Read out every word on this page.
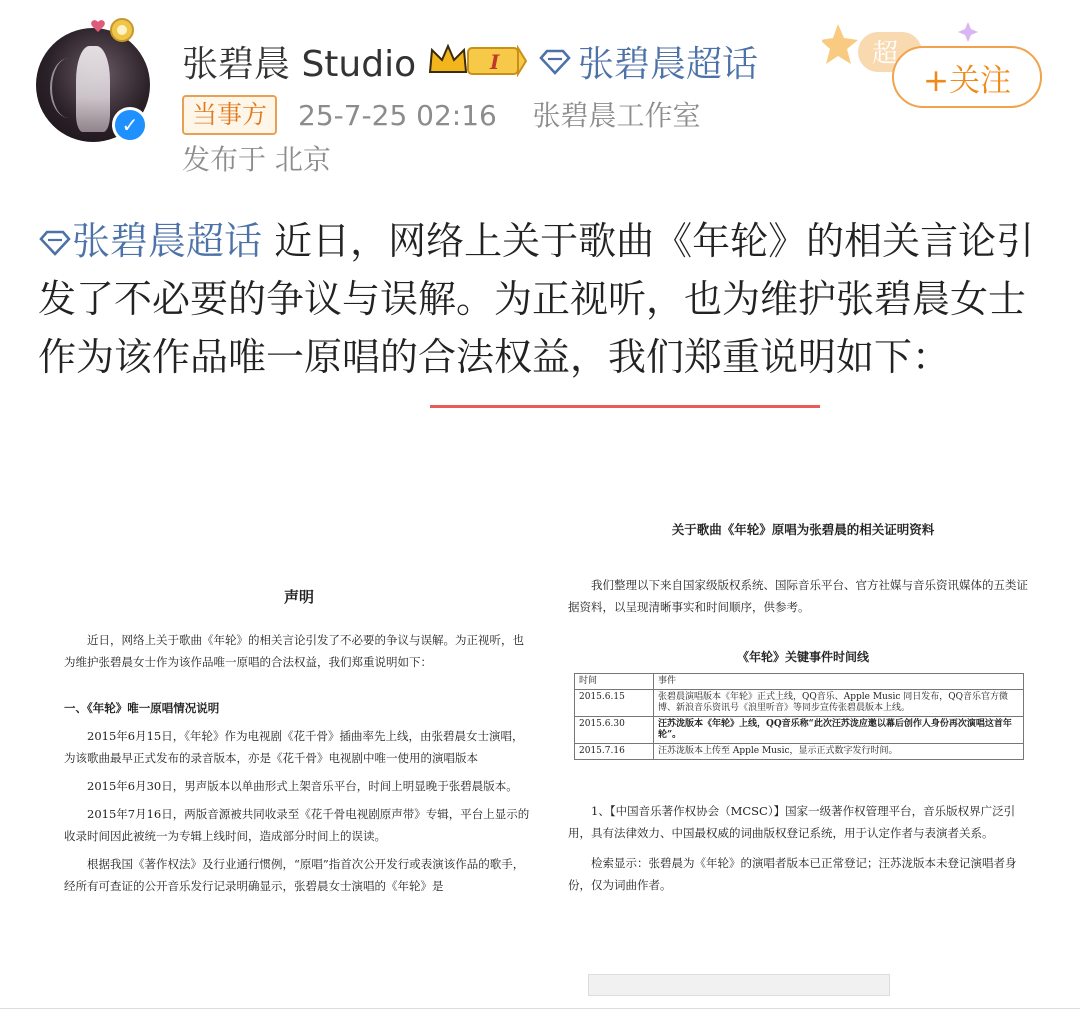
✓
张碧晨 Studio	I 张碧晨超话	超
+关注
当事方	25-7-25 02:16 张碧晨工作室
发布于 北京
张碧晨超话 近日，网络上关于歌曲《年轮》的相关言论引发了不必要的争议与误解。为正视听，也为维护张碧晨女士作为该作品唯一原唱的合法权益，我们郑重说明如下：
声明

近日，网络上关于歌曲《年轮》的相关言论引发了不必要的争议与误解。为正视听，也为维护张碧晨女士作为该作品唯一原唱的合法权益，我们郑重说明如下：

一、《年轮》唯一原唱情况说明

2015年6月15日，《年轮》作为电视剧《花千骨》插曲率先上线，由张碧晨女士演唱，为该歌曲最早正式发布的录音版本，亦是《花千骨》电视剧中唯一使用的演唱版本

2015年6月30日，男声版本以单曲形式上架音乐平台，时间上明显晚于张碧晨版本。

2015年7月16日，两版音源被共同收录至《花千骨电视剧原声带》专辑，平台上显示的收录时间因此被统一为专辑上线时间，造成部分时间上的误读。

根据我国《著作权法》及行业通行惯例，“原唱”指首次公开发行或表演该作品的歌手，经所有可查证的公开音乐发行记录明确显示，张碧晨女士演唱的《年轮》是

关于歌曲《年轮》原唱为张碧晨的相关证明资料

我们整理以下来自国家级版权系统、国际音乐平台、官方社媒与音乐资讯媒体的五类证据资料，以呈现清晰事实和时间顺序，供参考。

《年轮》关键事件时间线
时间	事件
2015.6.15	张碧晨演唱版本《年轮》正式上线，QQ音乐、Apple Music 同日发布，QQ音乐官方微博、新浪音乐资讯号《浪里听音》等同步宣传张碧晨版本上线。
2015.6.30	汪苏泷版本《年轮》上线，QQ音乐称“此次汪苏泷应邀以幕后创作人身份再次演唱这首年轮”。
2015.7.16	汪苏泷版本上传至 Apple Music，显示正式数字发行时间。

1、【中国音乐著作权协会（MCSC）】国家一级著作权管理平台，音乐版权界广泛引用，具有法律效力、中国最权威的词曲版权登记系统，用于认定作者与表演者关系。

检索显示：张碧晨为《年轮》的演唱者版本已正常登记；汪苏泷版本未登记演唱者身份，仅为词曲作者。
